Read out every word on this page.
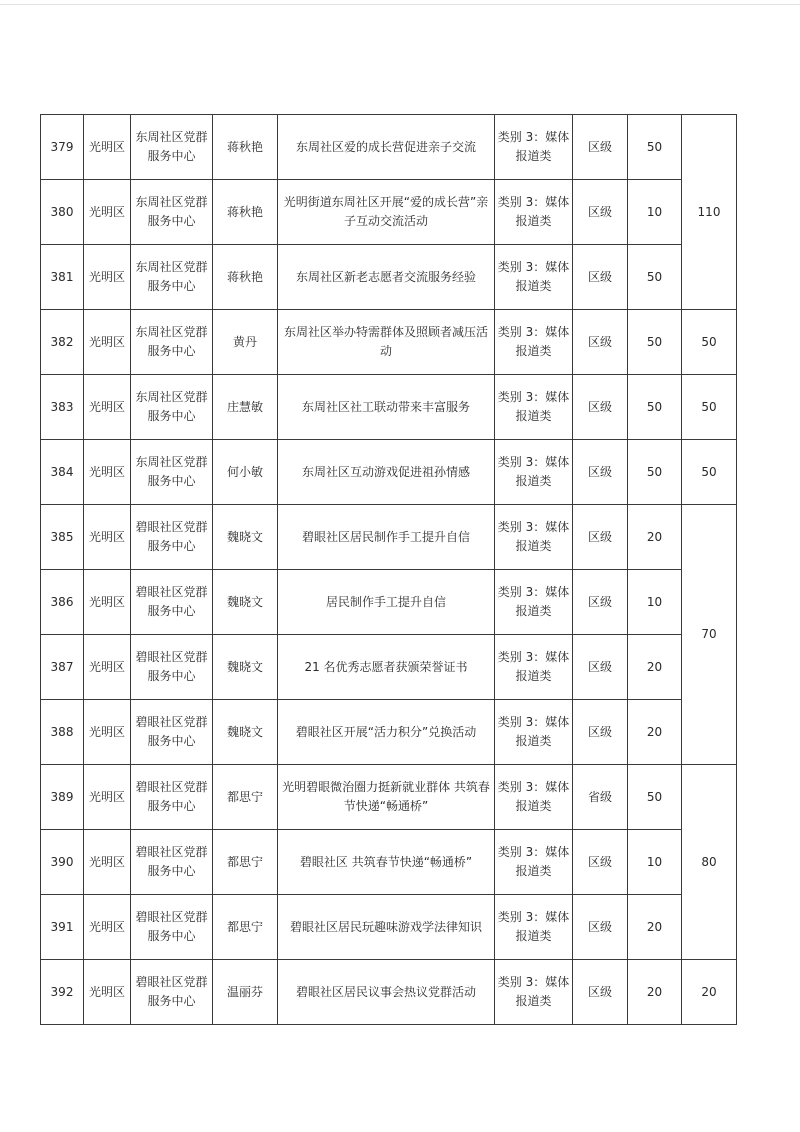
379	光明区	东周社区党群服务中心	蒋秋艳	东周社区爱的成长营促进亲子交流	类别 3：媒体报道类	区级	50	110
380	光明区	东周社区党群服务中心	蒋秋艳	光明街道东周社区开展“爱的成长营”亲子互动交流活动	类别 3：媒体报道类	区级	10	
381	光明区	东周社区党群服务中心	蒋秋艳	东周社区新老志愿者交流服务经验	类别 3：媒体报道类	区级	50	
382	光明区	东周社区党群服务中心	黄丹	东周社区举办特需群体及照顾者减压活动	类别 3：媒体报道类	区级	50	50
383	光明区	东周社区党群服务中心	庄慧敏	东周社区社工联动带来丰富服务	类别 3：媒体报道类	区级	50	50
384	光明区	东周社区党群服务中心	何小敏	东周社区互动游戏促进祖孙情感	类别 3：媒体报道类	区级	50	50
385	光明区	碧眼社区党群服务中心	魏晓文	碧眼社区居民制作手工提升自信	类别 3：媒体报道类	区级	20	70
386	光明区	碧眼社区党群服务中心	魏晓文	居民制作手工提升自信	类别 3：媒体报道类	区级	10	
387	光明区	碧眼社区党群服务中心	魏晓文	21 名优秀志愿者获颁荣誉证书	类别 3：媒体报道类	区级	20	
388	光明区	碧眼社区党群服务中心	魏晓文	碧眼社区开展“活力积分”兑换活动	类别 3：媒体报道类	区级	20	
389	光明区	碧眼社区党群服务中心	都思宁	光明碧眼微治圈力挺新就业群体 共筑春节快递“畅通桥”	类别 3：媒体报道类	省级	50	80
390	光明区	碧眼社区党群服务中心	都思宁	碧眼社区 共筑春节快递“畅通桥”	类别 3：媒体报道类	区级	10	
391	光明区	碧眼社区党群服务中心	都思宁	碧眼社区居民玩趣味游戏学法律知识	类别 3：媒体报道类	区级	20	
392	光明区	碧眼社区党群服务中心	温丽芬	碧眼社区居民议事会热议党群活动	类别 3：媒体报道类	区级	20	20
